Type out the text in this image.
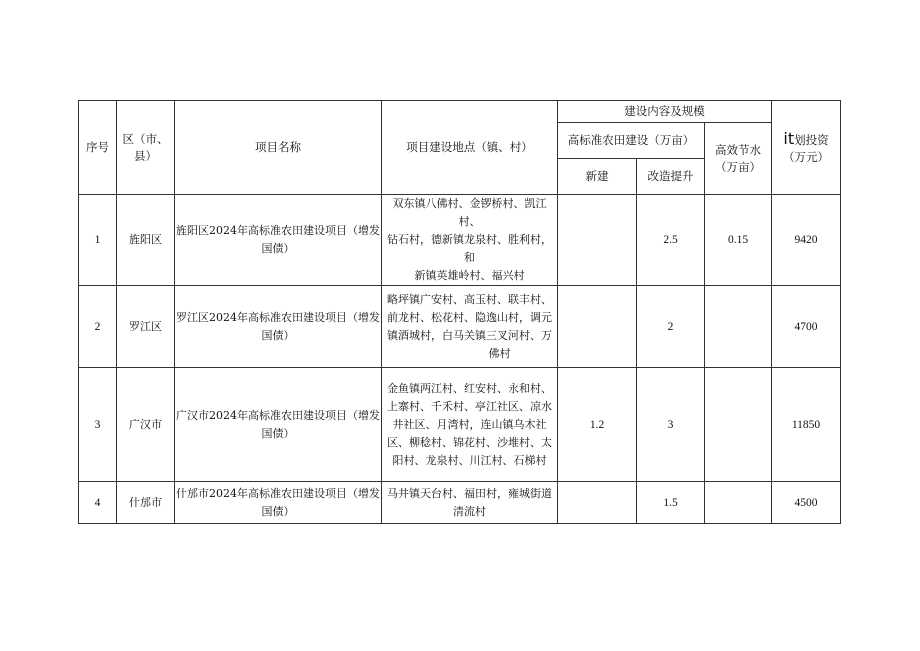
序号	区（市、
县）	项目名称	项目建设地点（镇、村）	建设内容及规模			it划投资
（万元）
				高标准农田建设（万亩）		高效节水
（万亩）	
				新建	改造提升		
1	旌阳区	旌阳区2024年高标准农田建设项目（增发
国债）	双东镇八佛村、金锣桥村、凯江村、
钻石村，德新镇龙泉村、胜利村，和
新镇英雄岭村、福兴村		2.5	0.15	9420
2	罗江区	罗江区2024年高标准农田建设项目（增发
国债）	略坪镇广安村、高玉村、联丰村、
前龙村、松花村、隐逸山村，调元
镇酒城村，白马关镇三叉河村、万
佛村		2		4700
3	广汉市	广汉市2024年高标准农田建设项目（增发
国债）	金鱼镇两江村、红安村、永和村、
上寨村、千禾村、亭江社区、凉水
井社区、月湾村，连山镇乌木社
区、柳稔村、锦花村、沙堆村、太
阳村、龙泉村、川江村、石梯村	1.2	3		11850
4	什邡市	什邡市2024年高标准农田建设项目（增发
国债）	马井镇天台村、福田村，雍城街道
清流村		1.5		4500
